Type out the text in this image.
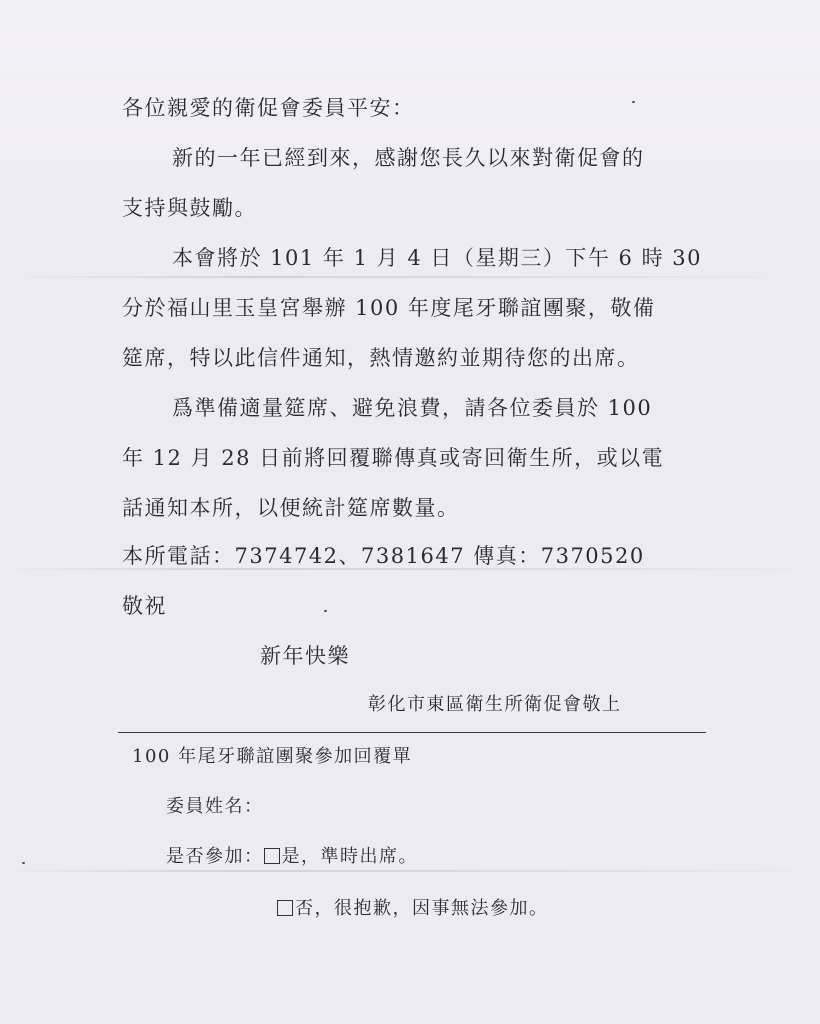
各位親愛的衛促會委員平安：
新的一年已經到來，感謝您長久以來對衛促會的
支持與鼓勵。
本會將於 101 年 1 月 4 日（星期三）下午 6 時 30
分於福山里玉皇宮舉辦 100 年度尾牙聯誼團聚，敬備
筵席，特以此信件通知，熱情邀約並期待您的出席。
爲準備適量筵席、避免浪費，請各位委員於 100
年 12 月 28 日前將回覆聯傳真或寄回衛生所，或以電
話通知本所，以便統計筵席數量。
本所電話：7374742、7381647 傳真：7370520
敬祝
新年快樂
彰化市東區衛生所衛促會敬上
100 年尾牙聯誼團聚參加回覆單
委員姓名：
是否參加： 是，準時出席。
否，很抱歉，因事無法參加。
